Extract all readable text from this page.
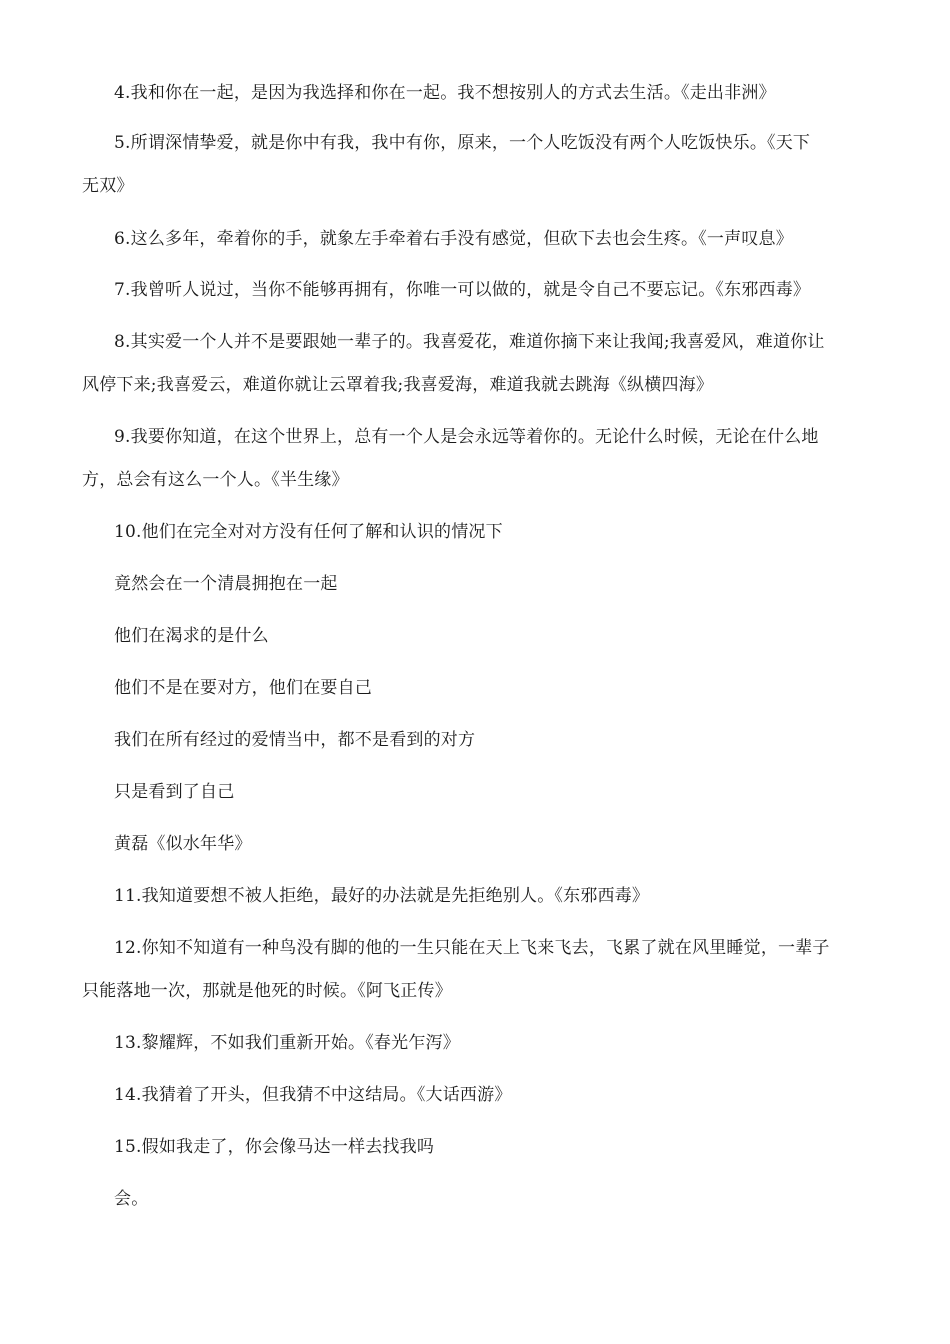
4.我和你在一起，是因为我选择和你在一起。我不想按别人的方式去生活。《走出非洲》

5.所谓深情挚爱，就是你中有我，我中有你，原来，一个人吃饭没有两个人吃饭快乐。《天下

无双》

6.这么多年，牵着你的手，就象左手牵着右手没有感觉，但砍下去也会生疼。《一声叹息》

7.我曾听人说过，当你不能够再拥有，你唯一可以做的，就是令自己不要忘记。《东邪西毒》

8.其实爱一个人并不是要跟她一辈子的。我喜爱花，难道你摘下来让我闻;我喜爱风，难道你让

风停下来;我喜爱云，难道你就让云罩着我;我喜爱海，难道我就去跳海《纵横四海》

9.我要你知道，在这个世界上，总有一个人是会永远等着你的。无论什么时候，无论在什么地

方，总会有这么一个人。《半生缘》

10.他们在完全对对方没有任何了解和认识的情况下

竟然会在一个清晨拥抱在一起

他们在渴求的是什么

他们不是在要对方，他们在要自己

我们在所有经过的爱情当中，都不是看到的对方

只是看到了自己

黄磊《似水年华》

11.我知道要想不被人拒绝，最好的办法就是先拒绝别人。《东邪西毒》

12.你知不知道有一种鸟没有脚的他的一生只能在天上飞来飞去，飞累了就在风里睡觉，一辈子

只能落地一次，那就是他死的时候。《阿飞正传》

13.黎耀辉，不如我们重新开始。《春光乍泻》

14.我猜着了开头，但我猜不中这结局。《大话西游》

15.假如我走了，你会像马达一样去找我吗

会。
